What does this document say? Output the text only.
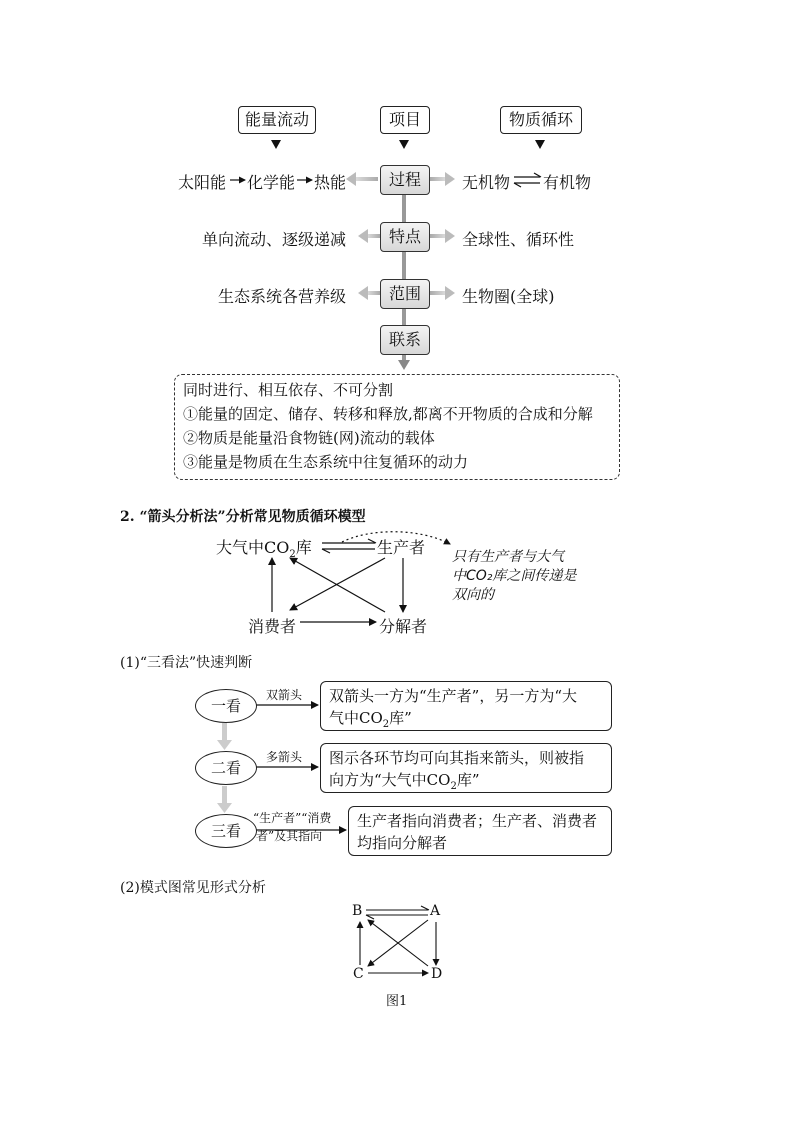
能量流动	项目	物质循环
过程
太阳能 化学能 热能	无机物 有机物
特点
单向流动、逐级递减	全球性、循环性
范围
生态系统各营养级	生物圈(全球)
联系
同时进行、相互依存、不可分割
①能量的固定、储存、转移和释放,都离不开物质的合成和分解
②物质是能量沿食物链(网)流动的载体
③能量是物质在生态系统中往复循环的动力
2. “箭头分析法”分析常见物质循环模型
大气中$CO_2$库	生产者
消费者	分解者
只有生产者与大气
中CO₂库之间传递是
双向的
(1)“三看法”快速判断
一看
双箭头 双箭头一方为“生产者”，另一方为“大
气中$CO_2$库”
二看
多箭头 图示各环节均可向其指来箭头，则被指
向方为“大气中$CO_2$库”
三看
“生产者”“消费
者”及其指向
生产者指向消费者；生产者、消费者
均指向分解者
(2)模式图常见形式分析
B	A
C	D
图1
